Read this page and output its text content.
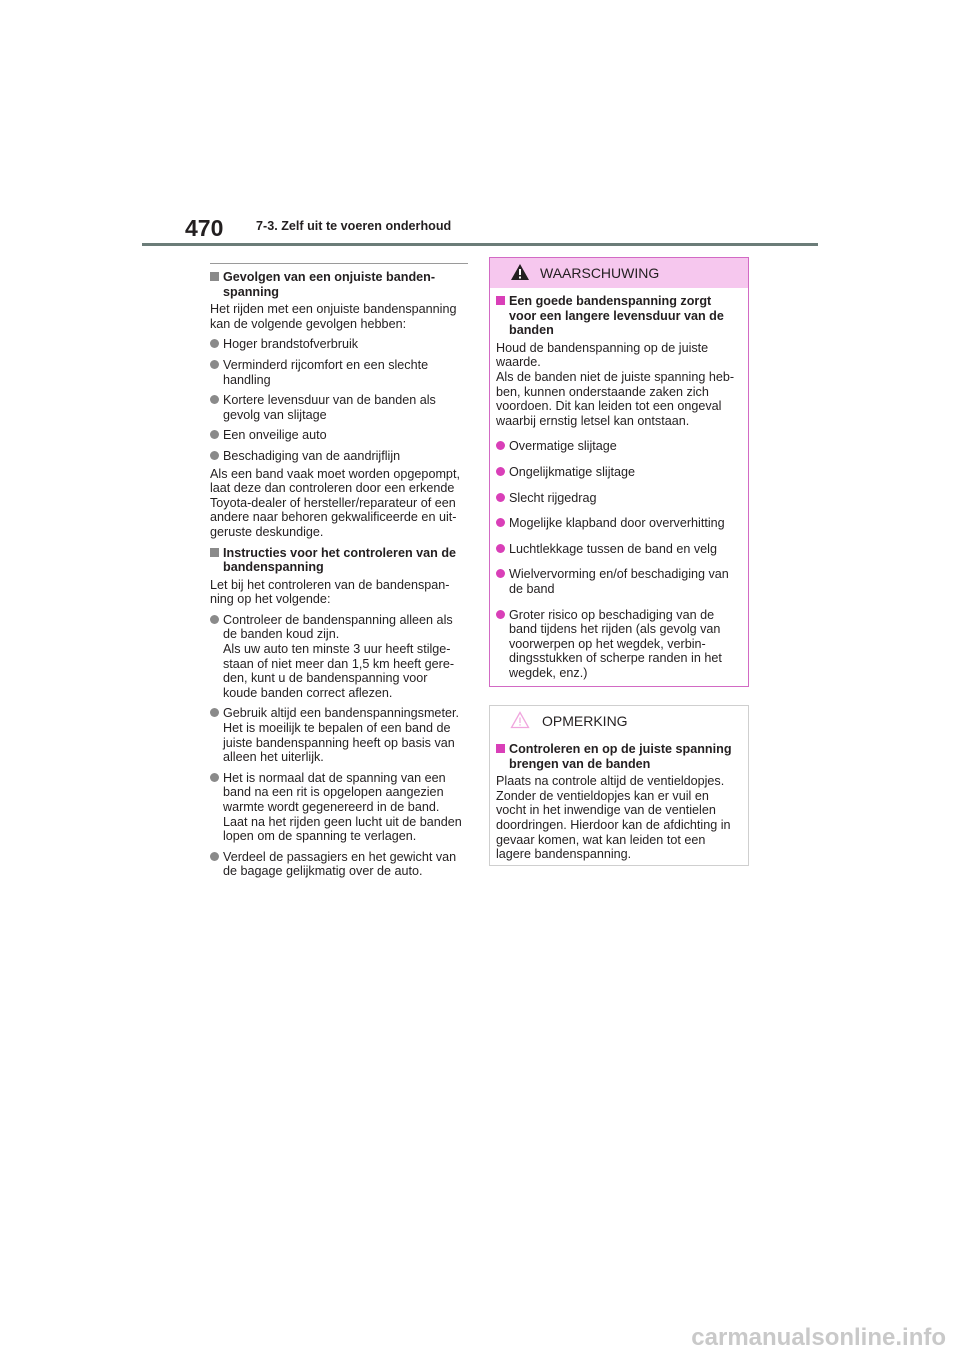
470	7-3. Zelf uit te voeren onderhoud
Gevolgen van een onjuiste banden-
spanning
Het rijden met een onjuiste bandenspanning
kan de volgende gevolgen hebben:
Hoger brandstofverbruik
Verminderd rijcomfort en een slechte
handling
Kortere levensduur van de banden als
gevolg van slijtage
Een onveilige auto
Beschadiging van de aandrijflijn
Als een band vaak moet worden opgepompt,
laat deze dan controleren door een erkende
Toyota-dealer of hersteller/reparateur of een
andere naar behoren gekwalificeerde en uit-
geruste deskundige.
Instructies voor het controleren van de
bandenspanning
Let bij het controleren van de bandenspan-
ning op het volgende:
Controleer de bandenspanning alleen als
de banden koud zijn.
Als uw auto ten minste 3 uur heeft stilge-
staan of niet meer dan 1,5 km heeft gere-
den, kunt u de bandenspanning voor
koude banden correct aflezen.
Gebruik altijd een bandenspanningsmeter.
Het is moeilijk te bepalen of een band de
juiste bandenspanning heeft op basis van
alleen het uiterlijk.
Het is normaal dat de spanning van een
band na een rit is opgelopen aangezien
warmte wordt gegenereerd in de band.
Laat na het rijden geen lucht uit de banden
lopen om de spanning te verlagen.
Verdeel de passagiers en het gewicht van
de bagage gelijkmatig over de auto.
WAARSCHUWING
Een goede bandenspanning zorgt
voor een langere levensduur van de
banden
Houd de bandenspanning op de juiste
waarde.
Als de banden niet de juiste spanning heb-
ben, kunnen onderstaande zaken zich
voordoen. Dit kan leiden tot een ongeval
waarbij ernstig letsel kan ontstaan.
Overmatige slijtage
Ongelijkmatige slijtage
Slecht rijgedrag
Mogelijke klapband door oververhitting
Luchtlekkage tussen de band en velg
Wielvervorming en/of beschadiging van
de band
Groter risico op beschadiging van de
band tijdens het rijden (als gevolg van
voorwerpen op het wegdek, verbin-
dingsstukken of scherpe randen in het
wegdek, enz.)
OPMERKING
Controleren en op de juiste spanning
brengen van de banden
Plaats na controle altijd de ventieldopjes.
Zonder de ventieldopjes kan er vuil en
vocht in het inwendige van de ventielen
doordringen. Hierdoor kan de afdichting in
gevaar komen, wat kan leiden tot een
lagere bandenspanning.
carmanualsonline.info
